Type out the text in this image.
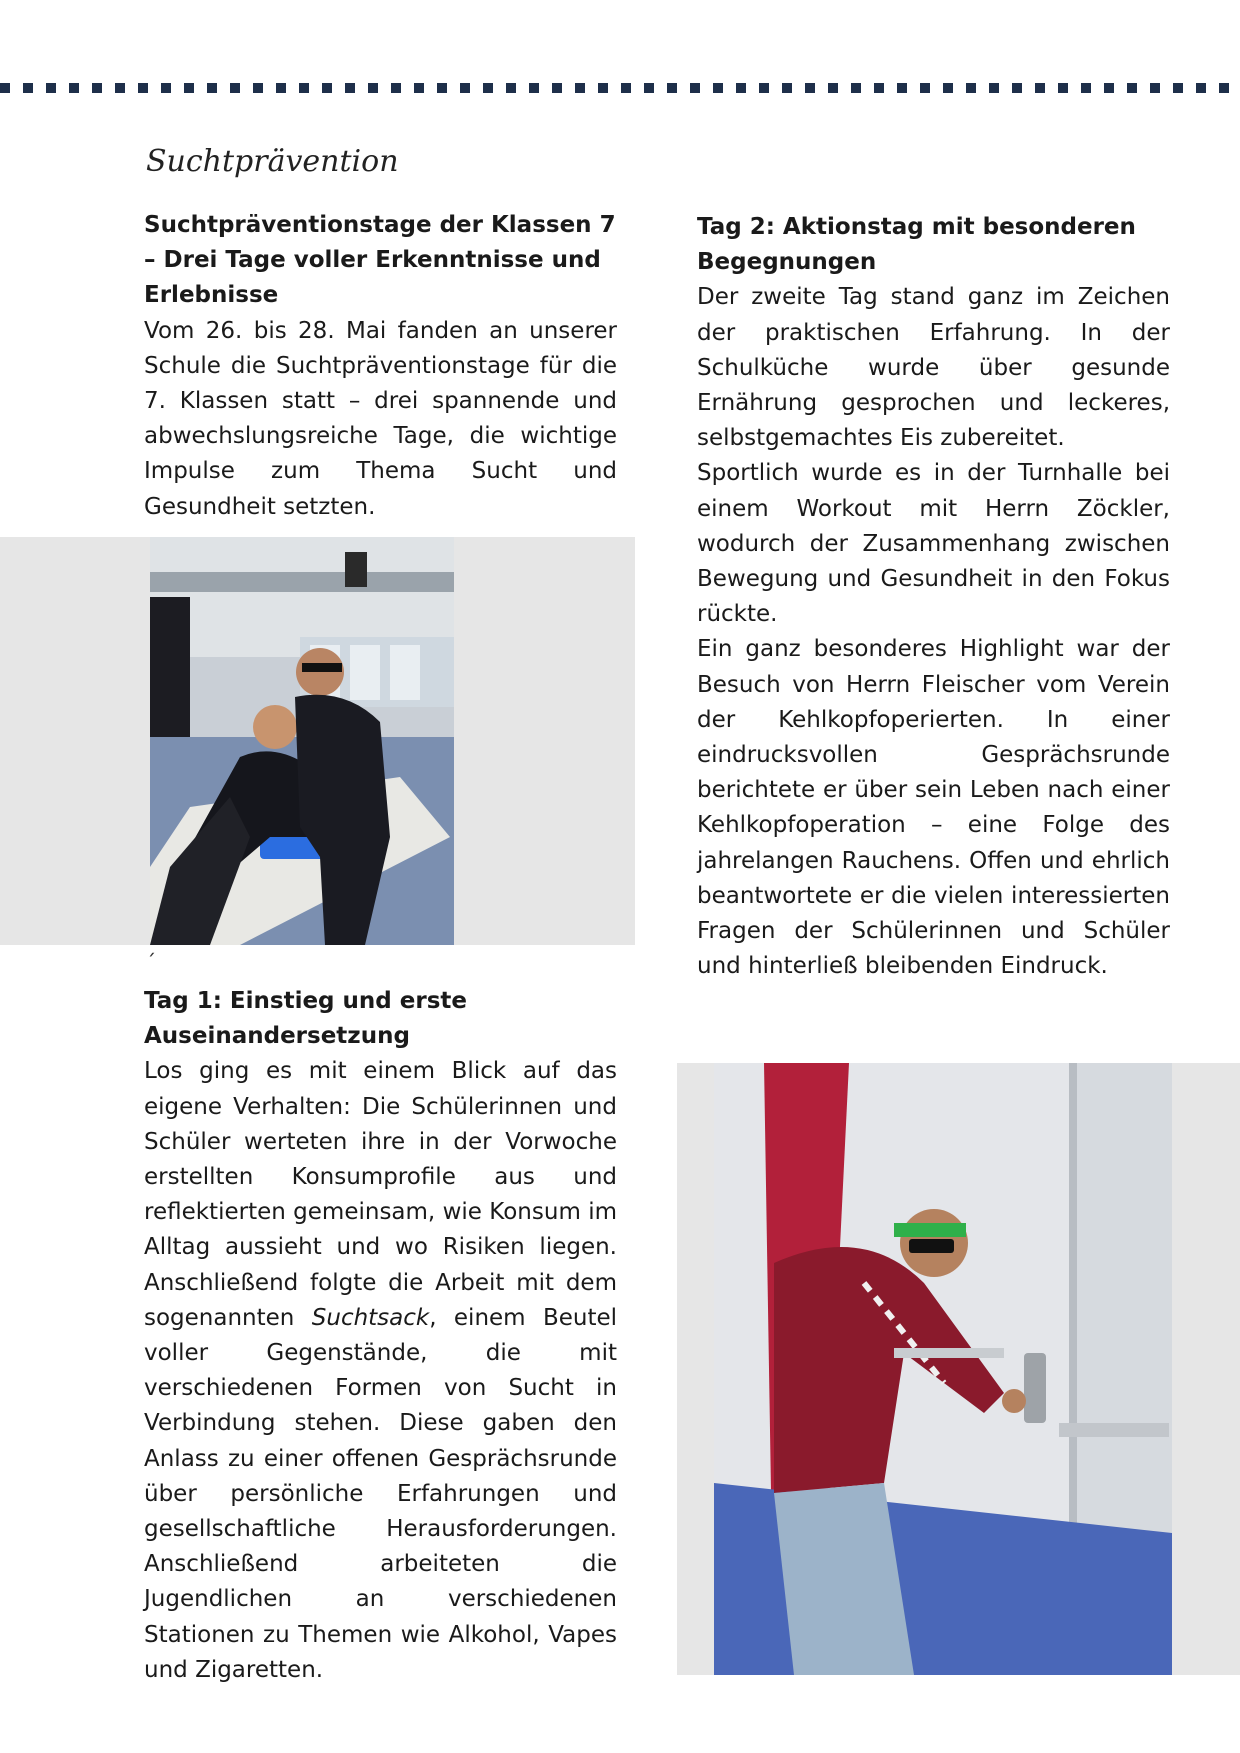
Suchtprävention
Suchtpräventionstage der Klassen 7 – Drei Tage voller Erkenntnisse und Erlebnisse

Vom 26. bis 28. Mai fanden an unserer Schule die Suchtpräventionstage für die 7. Klassen statt – drei spannende und abwechslungsreiche Tage, die wichtige Impulse zum Thema Sucht und Gesundheit setzten.

´
Tag 1: Einstieg und erste Auseinandersetzung

Los ging es mit einem Blick auf das eigene Verhalten: Die Schülerinnen und Schüler werteten ihre in der Vorwoche erstellten Konsumprofile aus und reflektierten gemeinsam, wie Konsum im Alltag aussieht und wo Risiken liegen. Anschließend folgte die Arbeit mit dem sogenannten Suchtsack, einem Beutel voller Gegenstände, die mit verschiedenen Formen von Sucht in Verbindung stehen. Diese gaben den Anlass zu einer offenen Gesprächsrunde über persönliche Erfahrungen und gesellschaftliche Herausforderungen. Anschließend arbeiteten die Jugendlichen an verschiedenen Stationen zu Themen wie Alkohol, Vapes und Zigaretten.

Tag 2: Aktionstag mit besonderen Begegnungen

Der zweite Tag stand ganz im Zeichen der praktischen Erfahrung. In der Schulküche wurde über gesunde Ernährung gesprochen und leckeres, selbstgemachtes Eis zubereitet.

Sportlich wurde es in der Turnhalle bei einem Workout mit Herrn Zöckler, wodurch der Zusammenhang zwischen Bewegung und Gesundheit in den Fokus rückte.

Ein ganz besonderes Highlight war der Besuch von Herrn Fleischer vom Verein der Kehlkopfoperierten. In einer eindrucksvollen Gesprächsrunde berichtete er über sein Leben nach einer Kehlkopfoperation – eine Folge des jahrelangen Rauchens. Offen und ehrlich beantwortete er die vielen interessierten Fragen der Schülerinnen und Schüler und hinterließ bleibenden Eindruck.
